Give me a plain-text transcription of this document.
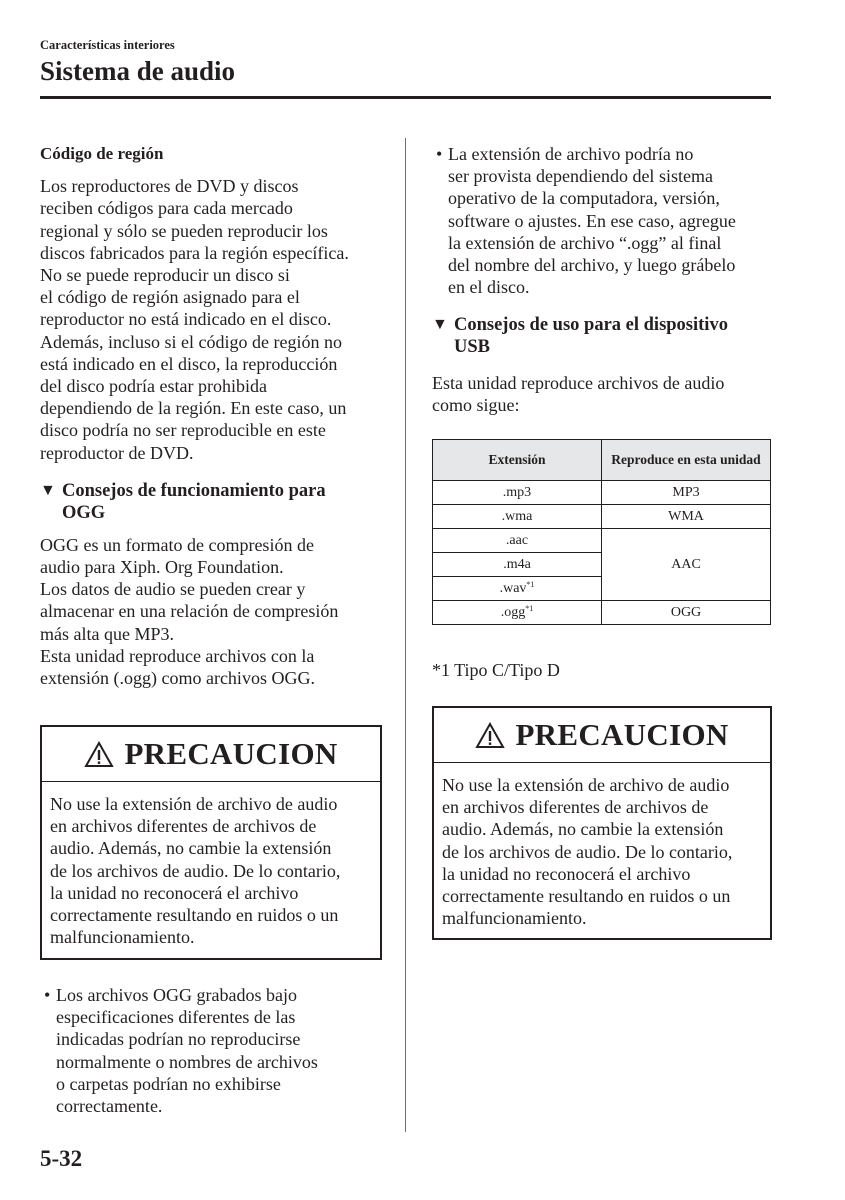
Características interiores
Sistema de audio

Código de región

Los reproductores de DVD y discos

reciben códigos para cada mercado

regional y sólo se pueden reproducir los

discos fabricados para la región específica.

No se puede reproducir un disco si

el código de región asignado para el

reproductor no está indicado en el disco.

Además, incluso si el código de región no

está indicado en el disco, la reproducción

del disco podría estar prohibida

dependiendo de la región. En este caso, un

disco podría no ser reproducible en este

reproductor de DVD.

▼ Consejos de funcionamiento para
OGG

OGG es un formato de compresión de

audio para Xiph. Org Foundation.

Los datos de audio se pueden crear y

almacenar en una relación de compresión

más alta que MP3.

Esta unidad reproduce archivos con la

extensión (.ogg) como archivos OGG.

PRECAUCION

No use la extensión de archivo de audio

en archivos diferentes de archivos de

audio. Además, no cambie la extensión

de los archivos de audio. De lo contario,

la unidad no reconocerá el archivo

correctamente resultando en ruidos o un

malfuncionamiento.

• Los archivos OGG grabados bajo

especificaciones diferentes de las

indicadas podrían no reproducirse

normalmente o nombres de archivos

o carpetas podrían no exhibirse

correctamente.

• La extensión de archivo podría no

ser provista dependiendo del sistema

operativo de la computadora, versión,

software o ajustes. En ese caso, agregue

la extensión de archivo “.ogg” al final

del nombre del archivo, y luego grábelo

en el disco.

▼ Consejos de uso para el dispositivo
USB

Esta unidad reproduce archivos de audio

como sigue:

Extensión	Reproduce en esta unidad
.mp3	MP3
.wma	WMA
.aac	AAC
.m4a	
.wav$^{*1}$
.ogg$^{*1}$	OGG
*1 Tipo C/Tipo D
PRECAUCION

No use la extensión de archivo de audio

en archivos diferentes de archivos de

audio. Además, no cambie la extensión

de los archivos de audio. De lo contario,

la unidad no reconocerá el archivo

correctamente resultando en ruidos o un

malfuncionamiento.

5-32
